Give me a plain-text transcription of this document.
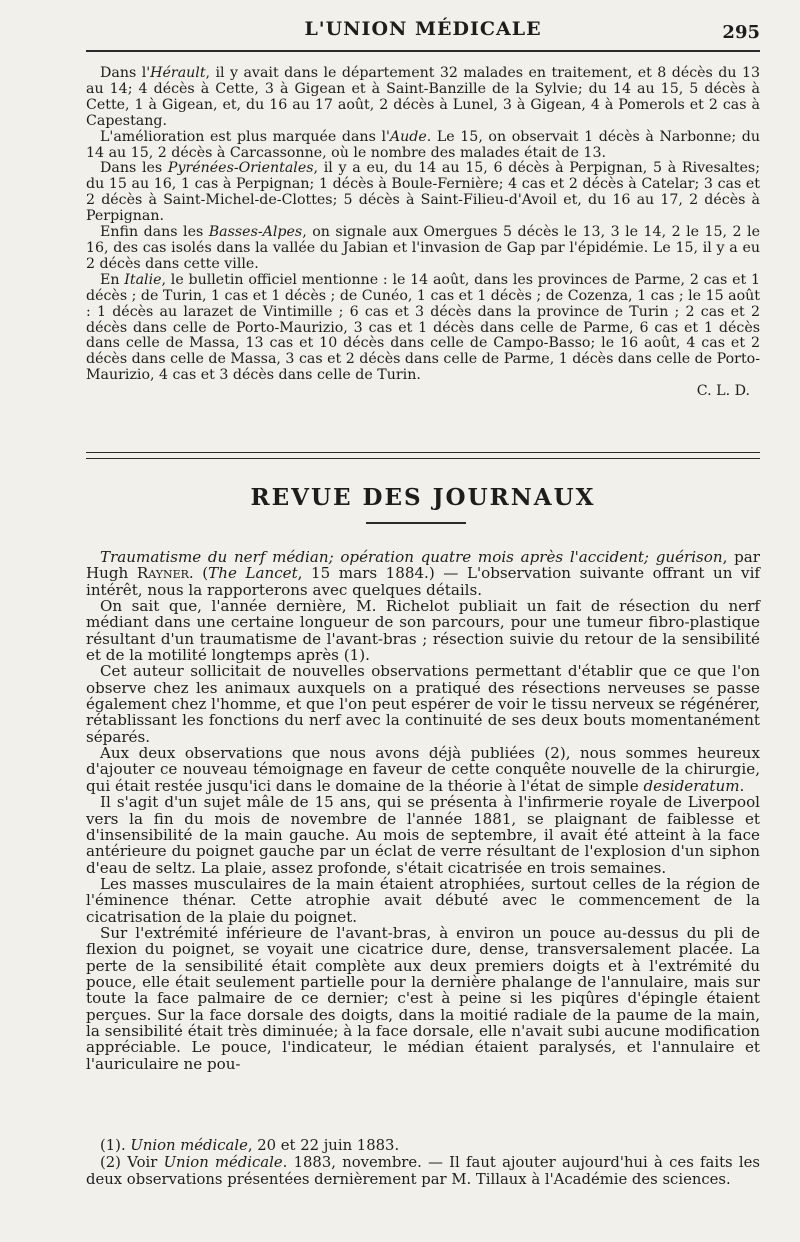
L'UNION MÉDICALE	295

Dans l'Hérault, il y avait dans le département 32 malades en traitement, et 8 décès du 13 au 14; 4 décès à Cette, 3 à Gigean et à Saint-Banzille de la Sylvie; du 14 au 15, 5 décès à Cette, 1 à Gigean, et, du 16 au 17 août, 2 décès à Lunel, 3 à Gigean, 4 à Pomerols et 2 cas à Capestang.

L'amélioration est plus marquée dans l'Aude. Le 15, on observait 1 décès à Narbonne; du 14 au 15, 2 décès à Carcassonne, où le nombre des malades était de 13.

Dans les Pyrénées-Orientales, il y a eu, du 14 au 15, 6 décès à Perpignan, 5 à Rivesaltes; du 15 au 16, 1 cas à Perpignan; 1 décès à Boule-Fernière; 4 cas et 2 décès à Catelar; 3 cas et 2 décès à Saint-Michel-de-Clottes; 5 décès à Saint-Filieu-d'Avoil et, du 16 au 17, 2 décès à Perpignan.

Enfin dans les Basses-Alpes, on signale aux Omergues 5 décès le 13, 3 le 14, 2 le 15, 2 le 16, des cas isolés dans la vallée du Jabian et l'invasion de Gap par l'épidémie. Le 15, il y a eu 2 décès dans cette ville.

En Italie, le bulletin officiel mentionne : le 14 août, dans les provinces de Parme, 2 cas et 1 décès ; de Turin, 1 cas et 1 décès ; de Cunéo, 1 cas et 1 décès ; de Cozenza, 1 cas ; le 15 août : 1 décès au larazet de Vintimille ; 6 cas et 3 décès dans la province de Turin ; 2 cas et 2 décès dans celle de Porto-Maurizio, 3 cas et 1 décès dans celle de Parme, 6 cas et 1 décès dans celle de Massa, 13 cas et 10 décès dans celle de Campo-Basso; le 16 août, 4 cas et 2 décès dans celle de Massa, 3 cas et 2 décès dans celle de Parme, 1 décès dans celle de Porto-Maurizio, 4 cas et 3 décès dans celle de Turin.

C. L. D.

REVUE DES JOURNAUX

Traumatisme du nerf médian; opération quatre mois après l'accident; guérison, par Hugh Rayner. (The Lancet, 15 mars 1884.) — L'observation suivante offrant un vif intérêt, nous la rapporterons avec quelques détails.

On sait que, l'année dernière, M. Richelot publiait un fait de résection du nerf médiant dans une certaine longueur de son parcours, pour une tumeur fibro-plastique résultant d'un traumatisme de l'avant-bras ; résection suivie du retour de la sensibilité et de la motilité longtemps après (1).

Cet auteur sollicitait de nouvelles observations permettant d'établir que ce que l'on observe chez les animaux auxquels on a pratiqué des résections nerveuses se passe également chez l'homme, et que l'on peut espérer de voir le tissu nerveux se régénérer, rétablissant les fonctions du nerf avec la continuité de ses deux bouts momentanément séparés.

Aux deux observations que nous avons déjà publiées (2), nous sommes heureux d'ajouter ce nouveau témoignage en faveur de cette conquête nouvelle de la chirurgie, qui était restée jusqu'ici dans le domaine de la théorie à l'état de simple desideratum.

Il s'agit d'un sujet mâle de 15 ans, qui se présenta à l'infirmerie royale de Liverpool vers la fin du mois de novembre de l'année 1881, se plaignant de faiblesse et d'insensibilité de la main gauche. Au mois de septembre, il avait été atteint à la face antérieure du poignet gauche par un éclat de verre résultant de l'explosion d'un siphon d'eau de seltz. La plaie, assez profonde, s'était cicatrisée en trois semaines.

Les masses musculaires de la main étaient atrophiées, surtout celles de la région de l'éminence thénar. Cette atrophie avait débuté avec le commencement de la cicatrisation de la plaie du poignet.

Sur l'extrémité inférieure de l'avant-bras, à environ un pouce au-dessus du pli de flexion du poignet, se voyait une cicatrice dure, dense, transversalement placée. La perte de la sensibilité était complète aux deux premiers doigts et à l'extrémité du pouce, elle était seulement partielle pour la dernière phalange de l'annulaire, mais sur toute la face palmaire de ce dernier; c'est à peine si les piqûres d'épingle étaient perçues. Sur la face dorsale des doigts, dans la moitié radiale de la paume de la main, la sensibilité était très diminuée; à la face dorsale, elle n'avait subi aucune modification appréciable. Le pouce, l'indicateur, le médian étaient paralysés, et l'annulaire et l'auriculaire ne pou-

(1). Union médicale, 20 et 22 juin 1883.

(2) Voir Union médicale. 1883, novembre. — Il faut ajouter aujourd'hui à ces faits les deux observations présentées dernièrement par M. Tillaux à l'Académie des sciences.
